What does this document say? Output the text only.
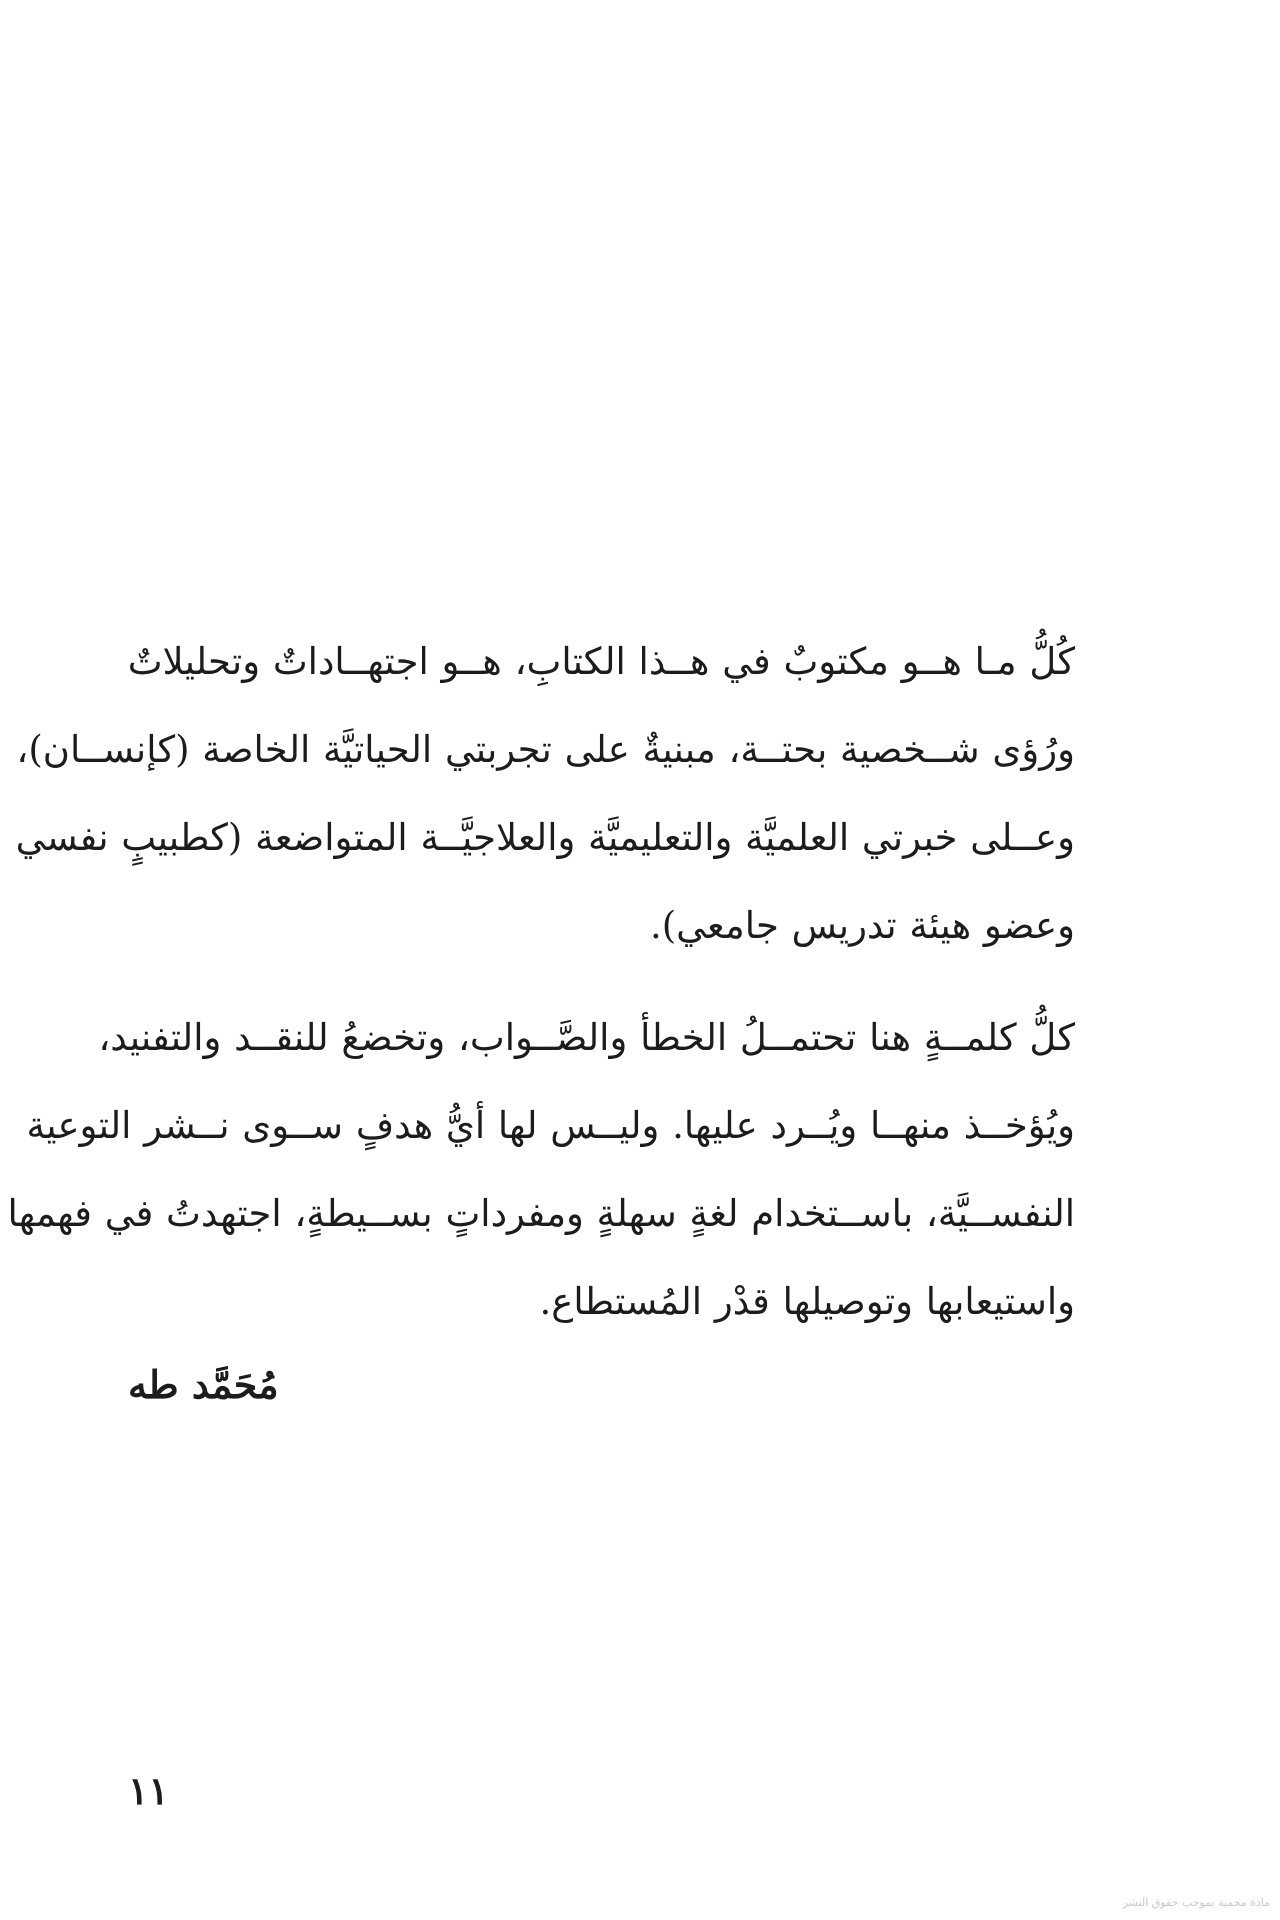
كُلُّ مـا هــو مكتوبٌ في هــذا الكتابِ، هــو اجتهــاداتٌ وتحليلاتٌ
ورُؤى شــخصية بحتــة، مبنيةٌ على تجربتي الحياتيَّة الخاصة (كإنســان)،
وعــلى خبرتي العلميَّة والتعليميَّة والعلاجيَّــة المتواضعة (كطبيبٍ نفسي
وعضو هيئة تدريس جامعي).

كلُّ كلمــةٍ هنا تحتمــلُ الخطأ والصَّــواب، وتخضعُ للنقــد والتفنيد،
ويُؤخــذ منهــا ويُــرد عليها. وليــس لها أيُّ هدفٍ ســوى نــشر التوعية
النفســيَّة، باســتخدام لغةٍ سهلةٍ ومفرداتٍ بســيطةٍ، اجتهدتُ في فهمها
واستيعابها وتوصيلها قدْر المُستطاع.

مُحَمَّد طه

١١

مادة محمية بموجب حقوق النشر
